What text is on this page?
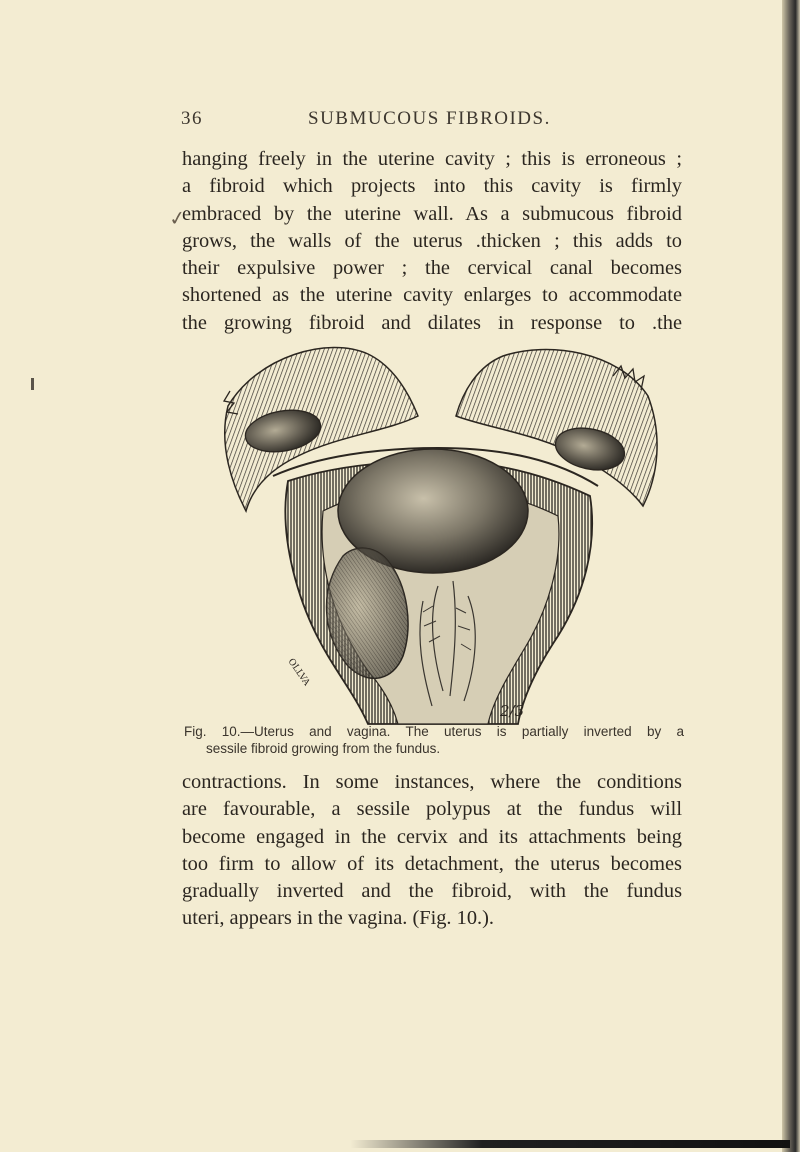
36	SUBMUCOUS FIBROIDS.
✓

hanging freely in the uterine cavity ; this is erroneous ;

a fibroid which projects into this cavity is firmly

embraced by the uterine wall. As a submucous fibroid

grows, the walls of the uterus .thicken ; this adds to

their expulsive power ; the cervical canal becomes

shortened as the uterine cavity enlarges to accommodate

the growing fibroid and dilates in response to .the

OLLVA
2/3
Fig. 10.—Uterus and vagina. The uterus is partially inverted by a
sessile fibroid growing from the fundus.

contractions. In some instances, where the conditions

are favourable, a sessile polypus at the fundus will

become engaged in the cervix and its attachments being

too firm to allow of its detachment, the uterus becomes

gradually inverted and the fibroid, with the fundus

uteri, appears in the vagina. (Fig. 10.).
